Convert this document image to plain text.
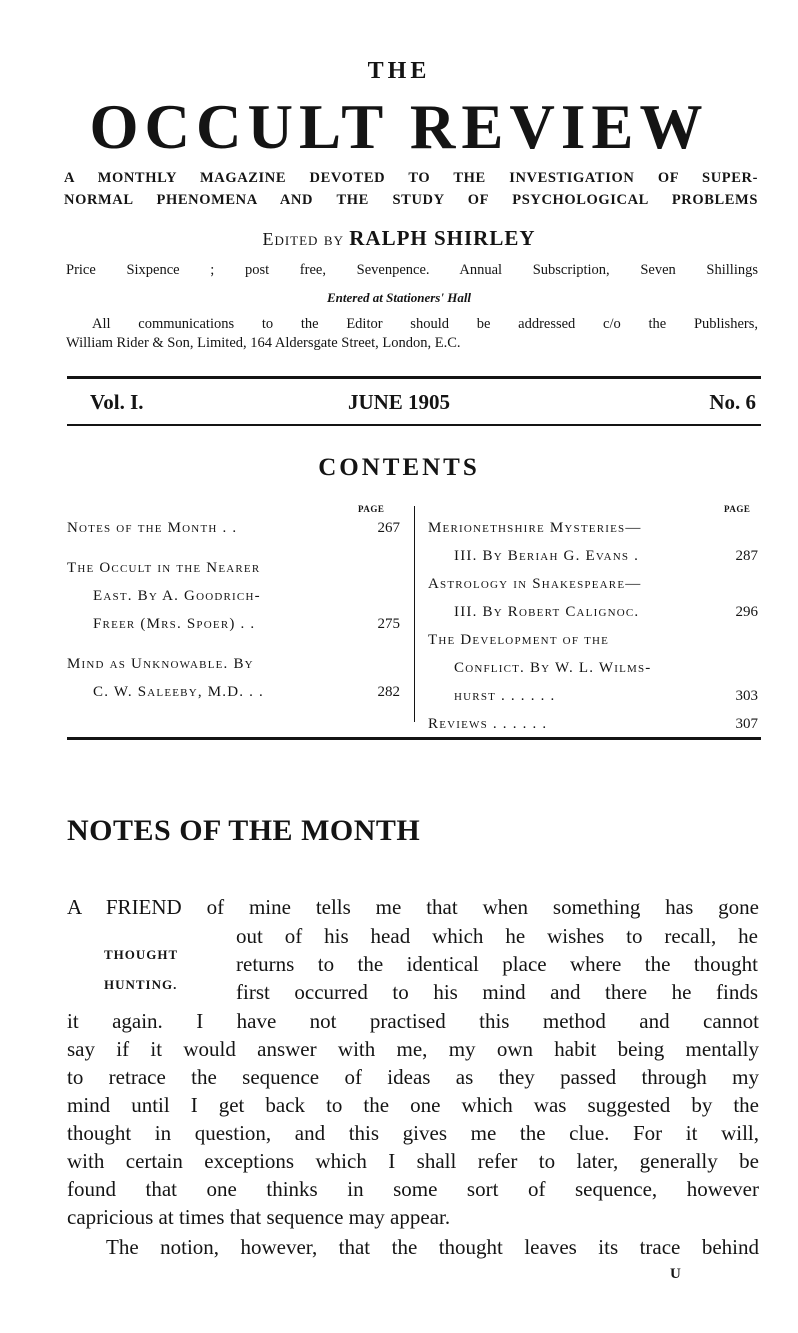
THE
OCCULT REVIEW
A MONTHLY MAGAZINE DEVOTED TO THE INVESTIGATION OF SUPER-
NORMAL PHENOMENA AND THE STUDY OF PSYCHOLOGICAL PROBLEMS
Edited by RALPH SHIRLEY
Price Sixpence ; post free, Sevenpence. Annual Subscription, Seven Shillings
Entered at Stationers' Hall
All communications to the Editor should be addressed c/o the Publishers,
William Rider & Son, Limited, 164 Aldersgate Street, London, E.C.
Vol. I.	JUNE 1905	No. 6
CONTENTS
PAGE	PAGE
Notes of the Month . .	267
The Occult in the Nearer
East. By A. Goodrich-
Freer (Mrs. Spoer) . .	275
Mind as Unknowable. By
C. W. Saleeby, M.D. . .	282
Merionethshire Mysteries—
III. By Beriah G. Evans .	287
Astrology in Shakespeare—
III. By Robert Calignoc.	296
The Development of the
Conflict. By W. L. Wilms-
hurst . . . . . .	303
Reviews . . . . . .	307
NOTES OF THE MONTH
A FRIEND of mine tells me that when something has gone
THOUGHT
HUNTING.
out of his head which he wishes to recall, he
returns to the identical place where the thought
first occurred to his mind and there he finds
it again. I have not practised this method and cannot
say if it would answer with me, my own habit being mentally
to retrace the sequence of ideas as they passed through my
mind until I get back to the one which was suggested by the
thought in question, and this gives me the clue. For it will,
with certain exceptions which I shall refer to later, generally be
found that one thinks in some sort of sequence, however
capricious at times that sequence may appear.
The notion, however, that the thought leaves its trace behind
U
